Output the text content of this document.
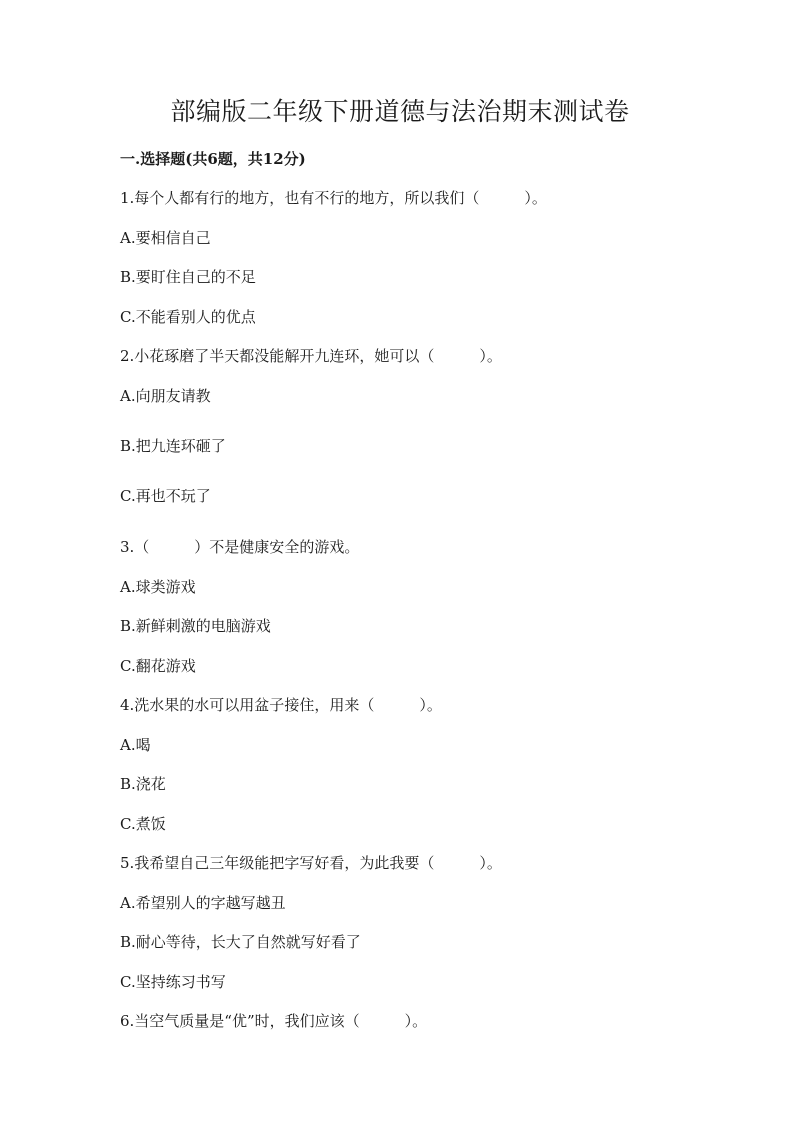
部编版二年级下册道德与法治期末测试卷
一.选择题(共6题，共12分)
1.每个人都有行的地方，也有不行的地方，所以我们（　　　）。
A.要相信自己
B.要盯住自己的不足
C.不能看别人的优点
2.小花琢磨了半天都没能解开九连环，她可以（　　　）。
A.向朋友请教
B.把九连环砸了
C.再也不玩了
3.（　　　）不是健康安全的游戏。
A.球类游戏
B.新鲜刺激的电脑游戏
C.翻花游戏
4.洗水果的水可以用盆子接住，用来（　　　）。
A.喝
B.浇花
C.煮饭
5.我希望自己三年级能把字写好看，为此我要（　　　）。
A.希望别人的字越写越丑
B.耐心等待，长大了自然就写好看了
C.坚持练习书写
6.当空气质量是“优”时，我们应该（　　　）。
